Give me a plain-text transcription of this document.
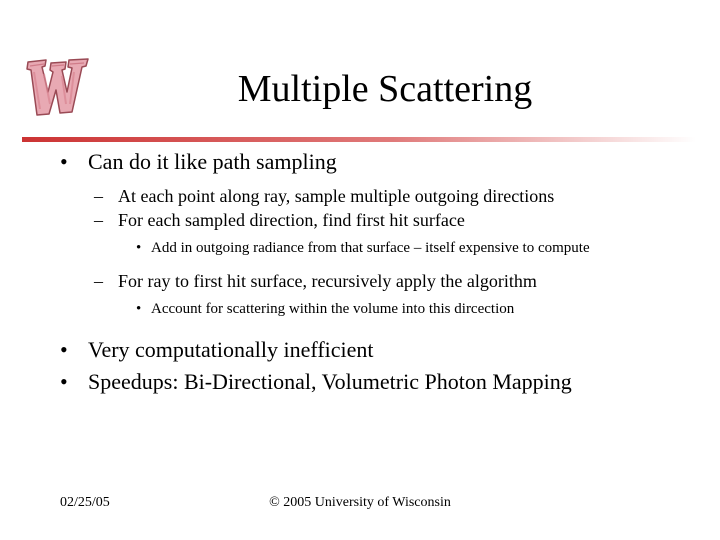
Multiple Scattering

• Can do it like path sampling

– At each point along ray, sample multiple outgoing directions

– For each sampled direction, find first hit surface

• Add in outgoing radiance from that surface – itself expensive to compute

– For ray to first hit surface, recursively apply the algorithm

• Account for scattering within the volume into this dircection

• Very computationally inefficient

• Speedups: Bi-Directional, Volumetric Photon Mapping

02/25/05	© 2005 University of Wisconsin
